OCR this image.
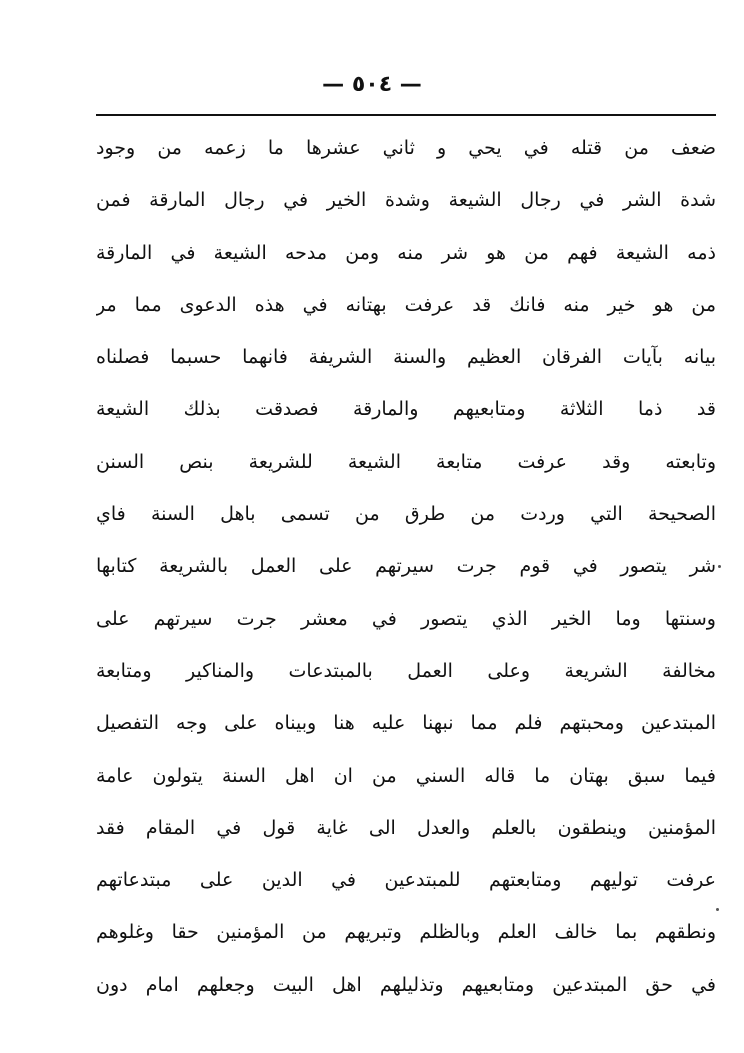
— ٥٠٤ —
ضعف من قتله في يحي و ثاني عشرها ما زعمه من وجود
شدة الشر في رجال الشيعة وشدة الخير في رجال المارقة فمن
ذمه الشيعة فهم من هو شر منه ومن مدحه الشيعة في المارقة
من هو خير منه فانك قد عرفت بهتانه في هذه الدعوى مما مر
بيانه بآيات الفرقان العظيم والسنة الشريفة فانهما حسبما فصلناه
قد ذما الثلاثة ومتابعيهم والمارقة فصدقت بذلك الشيعة
وتابعته وقد عرفت متابعة الشيعة للشريعة بنص السنن
الصحيحة التي وردت من طرق من تسمى باهل السنة فاي
شر يتصور في قوم جرت سيرتهم على العمل بالشريعة كتابها
وسنتها وما الخير الذي يتصور في معشر جرت سيرتهم على
مخالفة الشريعة وعلى العمل بالمبتدعات والمناكير ومتابعة
المبتدعين ومحبتهم فلم مما نبهنا عليه هنا وبيناه على وجه التفصيل
فيما سبق بهتان ما قاله السني من ان اهل السنة يتولون عامة
المؤمنين وينطقون بالعلم والعدل الى غاية قول في المقام فقد
عرفت توليهم ومتابعتهم للمبتدعين في الدين على مبتدعاتهم
ونطقهم بما خالف العلم وبالظلم وتبريهم من المؤمنين حقا وغلوهم
في حق المبتدعين ومتابعيهم وتذليلهم اهل البيت وجعلهم امام دون
